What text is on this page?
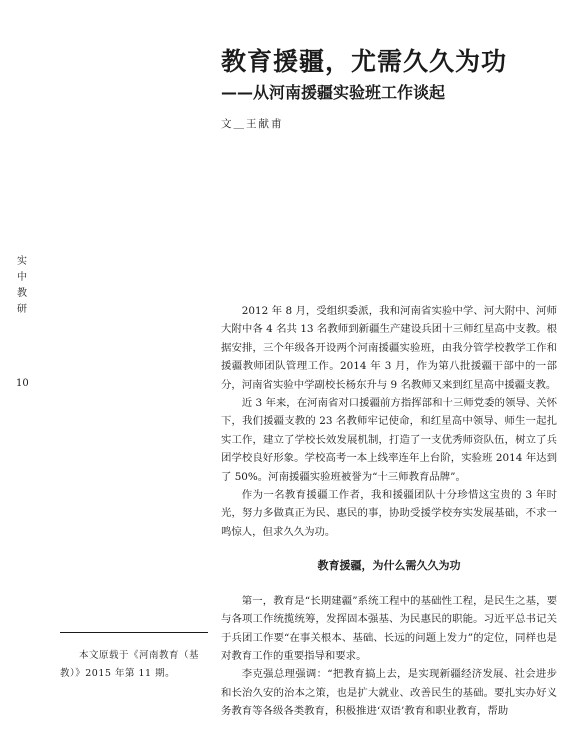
教育援疆，尤需久久为功
——从河南援疆实验班工作谈起
文＿王献甫
实中教研
10

2012 年 8 月，受组织委派，我和河南省实验中学、河大附中、河师大附中各 4 名共 13 名教师到新疆生产建设兵团十三师红星高中支教。根据安排，三个年级各开设两个河南援疆实验班，由我分管学校教学工作和援疆教师团队管理工作。2014 年 3 月，作为第八批援疆干部中的一部分，河南省实验中学副校长杨东升与 9 名教师又来到红星高中援疆支教。

近 3 年来，在河南省对口援疆前方指挥部和十三师党委的领导、关怀下，我们援疆支教的 23 名教师牢记使命，和红星高中领导、师生一起扎实工作，建立了学校长效发展机制，打造了一支优秀师资队伍，树立了兵团学校良好形象。学校高考一本上线率连年上台阶，实验班 2014 年达到了 50%。河南援疆实验班被誉为“十三师教育品牌”。

作为一名教育援疆工作者，我和援疆团队十分珍惜这宝贵的 3 年时光，努力多做真正为民、惠民的事，协助受援学校夯实发展基础，不求一鸣惊人，但求久久为功。

教育援疆，为什么需久久为功

第一，教育是“长期建疆”系统工程中的基础性工程，是民生之基，要与各项工作统揽统筹，发挥固本强基、为民惠民的职能。习近平总书记关于兵团工作要“在事关根本、基础、长远的问题上发力”的定位，同样也是对教育工作的重要指导和要求。

李克强总理强调：“把教育搞上去，是实现新疆经济发展、社会进步和长治久安的治本之策，也是扩大就业、改善民生的基础。要扎实办好义务教育等各级各类教育，积极推进‘双语’教育和职业教育，帮助

本文原载于《河南教育（基教）》2015 年第 11 期。
